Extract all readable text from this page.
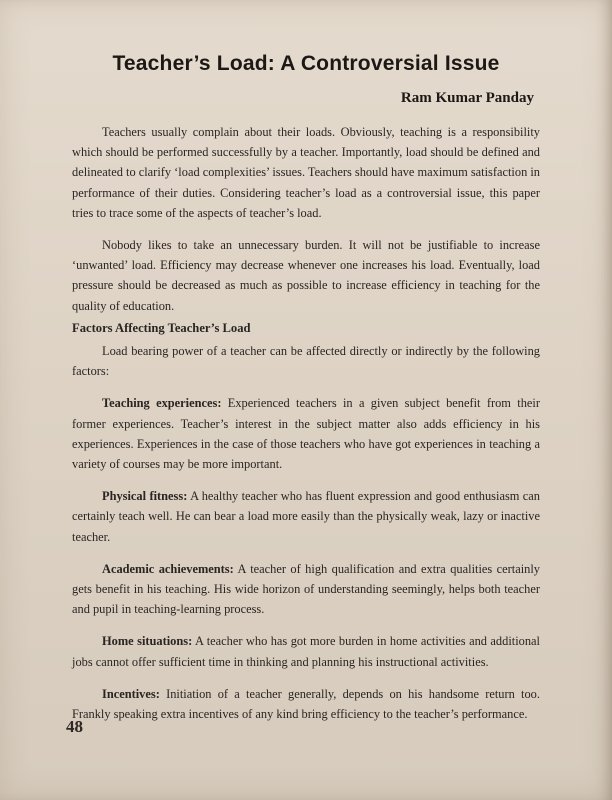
Teacher’s Load: A Controversial Issue
Ram Kumar Panday

Teachers usually complain about their loads. Obviously, teaching is a responsibility which should be performed successfully by a teacher. Importantly, load should be defined and delineated to clarify ‘load complexities’ issues. Teachers should have maximum satisfaction in performance of their duties. Considering teacher’s load as a controversial issue, this paper tries to trace some of the aspects of teacher’s load.

Nobody likes to take an unnecessary burden. It will not be justifiable to increase ‘unwanted’ load. Efficiency may decrease whenever one increases his load. Eventually, load pressure should be decreased as much as possible to increase efficiency in teaching for the quality of education.

Factors Affecting Teacher’s Load

Load bearing power of a teacher can be affected directly or indirectly by the following factors:

Teaching experiences: Experienced teachers in a given subject benefit from their former experiences. Teacher’s interest in the subject matter also adds efficiency in his experiences. Experiences in the case of those teachers who have got experiences in teaching a variety of courses may be more important.

Physical fitness: A healthy teacher who has fluent expression and good enthusiasm can certainly teach well. He can bear a load more easily than the physically weak, lazy or inactive teacher.

Academic achievements: A teacher of high qualification and extra qualities certainly gets benefit in his teaching. His wide horizon of understanding seemingly, helps both teacher and pupil in teaching-learning process.

Home situations: A teacher who has got more burden in home activities and additional jobs cannot offer sufficient time in thinking and planning his instructional activities.

Incentives: Initiation of a teacher generally, depends on his handsome return too. Frankly speaking extra incentives of any kind bring efficiency to the teacher’s performance.

48
